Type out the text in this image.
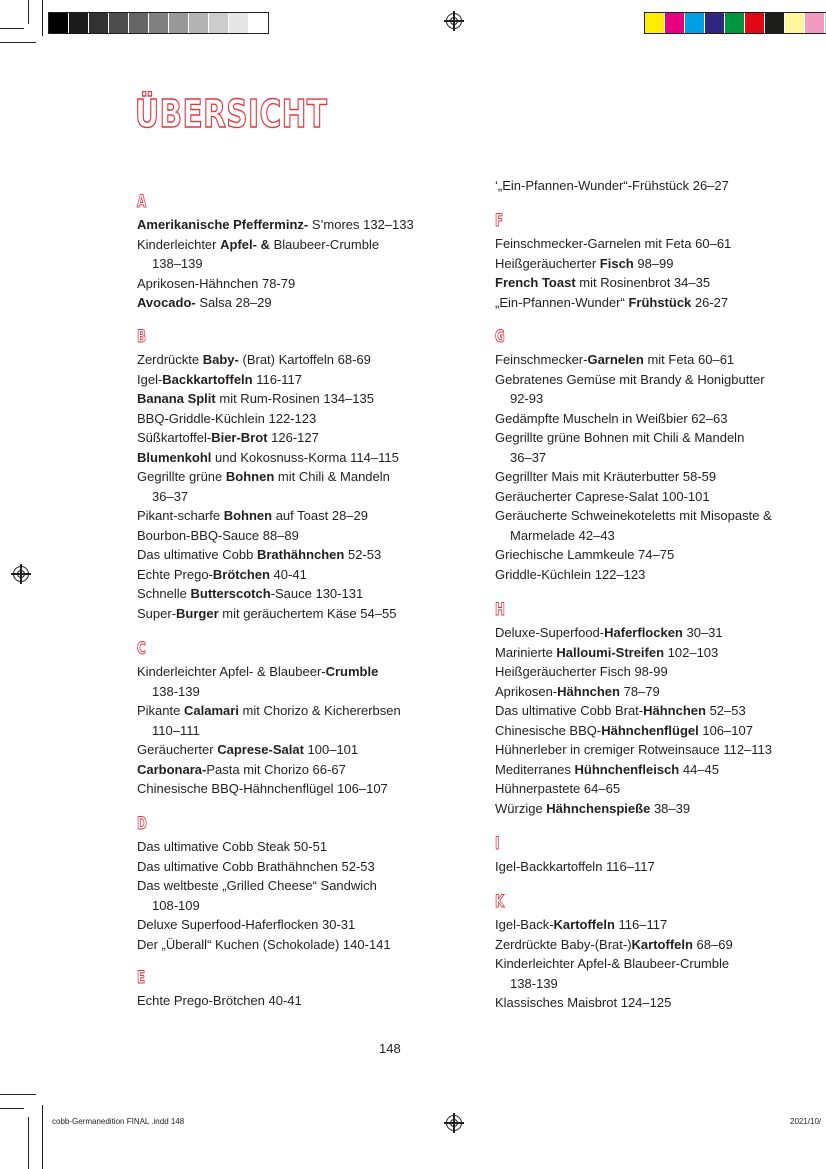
ÜBERSICHT
A
Amerikanische Pfefferminz- S’mores 132–133
Kinderleichter Apfel- & Blaubeer-Crumble
138–139
Aprikosen-Hähnchen 78-79
Avocado- Salsa 28–29
B
Zerdrückte Baby- (Brat) Kartoffeln 68-69
Igel-Backkartoffeln 116-117
Banana Split mit Rum-Rosinen 134–135
BBQ-Griddle-Küchlein 122-123
Süßkartoffel-Bier-Brot 126-127
Blumenkohl und Kokosnuss-Korma 114–115
Gegrillte grüne Bohnen mit Chili & Mandeln
36–37
Pikant-scharfe Bohnen auf Toast 28–29
Bourbon-BBQ-Sauce 88–89
Das ultimative Cobb Brathähnchen 52-53
Echte Prego-Brötchen 40-41
Schnelle Butterscotch-Sauce 130-131
Super-Burger mit geräuchertem Käse 54–55
C
Kinderleichter Apfel- & Blaubeer-Crumble
138-139
Pikante Calamari mit Chorizo & Kichererbsen
110–111
Geräucherter Caprese-Salat 100–101
Carbonara-Pasta mit Chorizo 66-67
Chinesische BBQ-Hähnchenflügel 106–107
D
Das ultimative Cobb Steak 50-51
Das ultimative Cobb Brathähnchen 52-53
Das weltbeste „Grilled Cheese“ Sandwich
108-109
Deluxe Superfood-Haferflocken 30-31
Der „Überall“ Kuchen (Schokolade) 140-141
E
Echte Prego-Brötchen 40-41
‘„Ein-Pfannen-Wunder“-Frühstück 26–27
F
Feinschmecker-Garnelen mit Feta 60–61
Heißgeräucherter Fisch 98–99
French Toast mit Rosinenbrot 34–35
„Ein-Pfannen-Wunder“ Frühstück 26-27
G
Feinschmecker-Garnelen mit Feta 60–61
Gebratenes Gemüse mit Brandy & Honigbutter
92-93
Gedämpfte Muscheln in Weißbier 62–63
Gegrillte grüne Bohnen mit Chili & Mandeln
36–37
Gegrillter Mais mit Kräuterbutter 58-59
Geräucherter Caprese-Salat 100-101
Geräucherte Schweinekoteletts mit Misopaste &
Marmelade 42–43
Griechische Lammkeule 74–75
Griddle-Küchlein 122–123
H
Deluxe-Superfood-Haferflocken 30–31
Marinierte Halloumi-Streifen 102–103
Heißgeräucherter Fisch 98-99
Aprikosen-Hähnchen 78–79
Das ultimative Cobb Brat-Hähnchen 52–53
Chinesische BBQ-Hähnchenflügel 106–107
Hühnerleber in cremiger Rotweinsauce 112–113
Mediterranes Hühnchenfleisch 44–45
Hühnerpastete 64–65
Würzige Hähnchenspieße 38–39
I
Igel-Backkartoffeln 116–117
K
Igel-Back-Kartoffeln 116–117
Zerdrückte Baby-(Brat-)Kartoffeln 68–69
Kinderleichter Apfel-& Blaubeer-Crumble
138-139
Klassisches Maisbrot 124–125
148
cobb-Germanedition FINAL .indd 148	2021/10/
